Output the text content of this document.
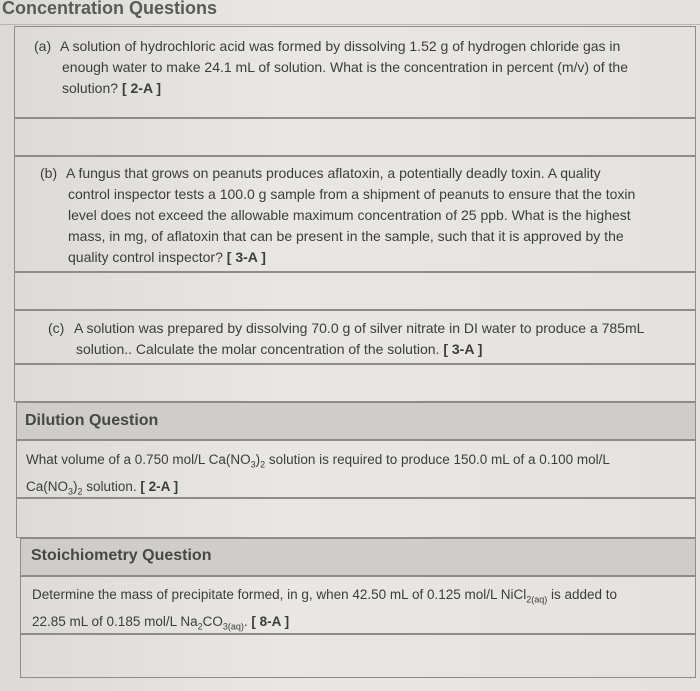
Concentration Questions
(a) A solution of hydrochloric acid was formed by dissolving 1.52 g of hydrogen chloride gas in
enough water to make 24.1 mL of solution. What is the concentration in percent (m/v) of the
solution? [ 2-A ]
(b) A fungus that grows on peanuts produces aflatoxin, a potentially deadly toxin. A quality
control inspector tests a 100.0 g sample from a shipment of peanuts to ensure that the toxin
level does not exceed the allowable maximum concentration of 25 ppb. What is the highest
mass, in mg, of aflatoxin that can be present in the sample, such that it is approved by the
quality control inspector? [ 3-A ]
(c) A solution was prepared by dissolving 70.0 g of silver nitrate in DI water to produce a 785mL
solution.. Calculate the molar concentration of the solution. [ 3-A ]
Dilution Question
What volume of a 0.750 mol/L $Ca(NO_3)_2$ solution is required to produce 150.0 mL of a 0.100 mol/L
$Ca(NO_3)_2$ solution. [ 2-A ]
Stoichiometry Question
Determine the mass of precipitate formed, in g, when 42.50 mL of 0.125 mol/L NiCl$_{2(aq)}$ is added to
22.85 mL of 0.185 mol/L $Na_2CO_{3(aq)}$. [ 8-A ]
